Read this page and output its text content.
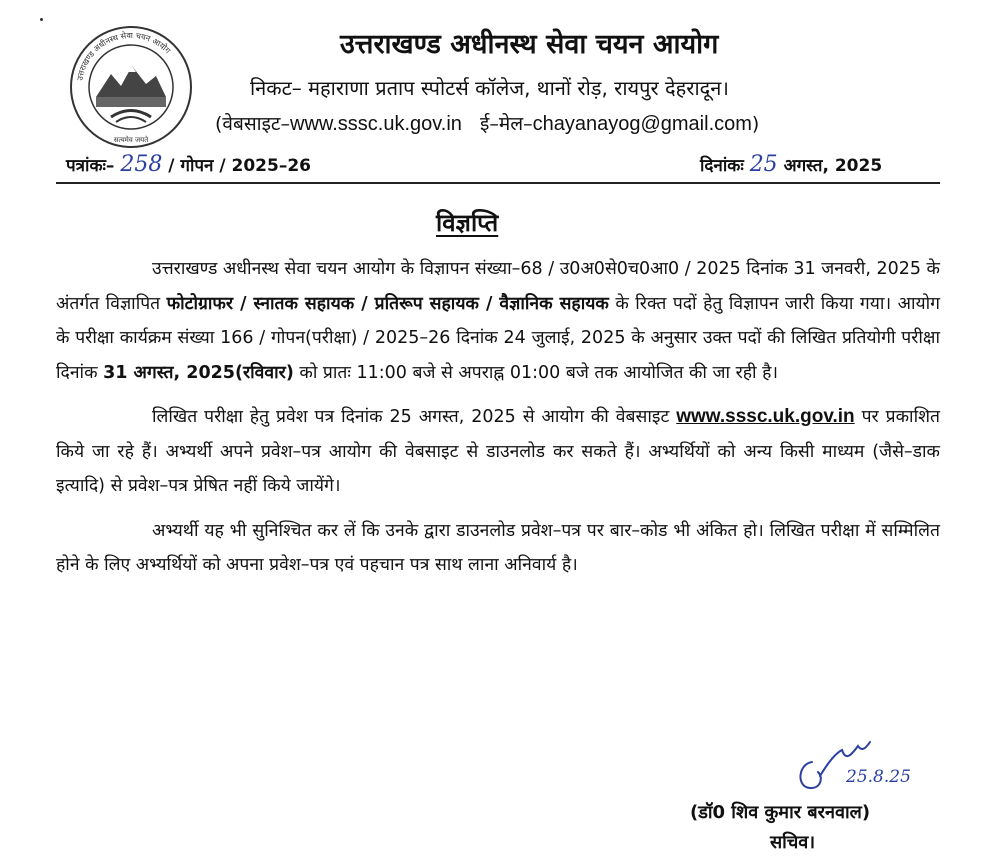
उत्तराखण्ड अधीनस्थ सेवा चयन आयोग
सत्यमेव जयते
उत्तराखण्ड अधीनस्थ सेवा चयन आयोग
निकट– महाराणा प्रताप स्पोटर्स कॉलेज, थानों रोड़, रायपुर देहरादून।
(वेबसाइट–www.sssc.uk.gov.in ई–मेल–chayanayog@gmail.com)
पत्रांकः– 258 / गोपन / 2025–26	दिनांकः 25 अगस्त, 2025
विज्ञप्ति

उत्तराखण्ड अधीनस्थ सेवा चयन आयोग के विज्ञापन संख्या–68 / उ0अ0से0च0आ0 / 2025 दिनांक 31 जनवरी, 2025 के अंतर्गत विज्ञापित फोटोग्राफर / स्नातक सहायक / प्रतिरूप सहायक / वैज्ञानिक सहायक के रिक्त पदों हेतु विज्ञापन जारी किया गया। आयोग के परीक्षा कार्यक्रम संख्या 166 / गोपन(परीक्षा) / 2025–26 दिनांक 24 जुलाई, 2025 के अनुसार उक्त पदों की लिखित प्रतियोगी परीक्षा दिनांक 31 अगस्त, 2025(रविवार) को प्रातः 11:00 बजे से अपराह्न 01:00 बजे तक आयोजित की जा रही है।

लिखित परीक्षा हेतु प्रवेश पत्र दिनांक 25 अगस्त, 2025 से आयोग की वेबसाइट www.sssc.uk.gov.in पर प्रकाशित किये जा रहे हैं। अभ्यर्थी अपने प्रवेश–पत्र आयोग की वेबसाइट से डाउनलोड कर सकते हैं। अभ्यर्थियों को अन्य किसी माध्यम (जैसे–डाक इत्यादि) से प्रवेश–पत्र प्रेषित नहीं किये जायेंगे।

अभ्यर्थी यह भी सुनिश्चित कर लें कि उनके द्वारा डाउनलोड प्रवेश–पत्र पर बार–कोड भी अंकित हो। लिखित परीक्षा में सम्मिलित होने के लिए अभ्यर्थियों को अपना प्रवेश–पत्र एवं पहचान पत्र साथ लाना अनिवार्य है।

25.8.25
(डॉ0 शिव कुमार बरनवाल)
सचिव।
